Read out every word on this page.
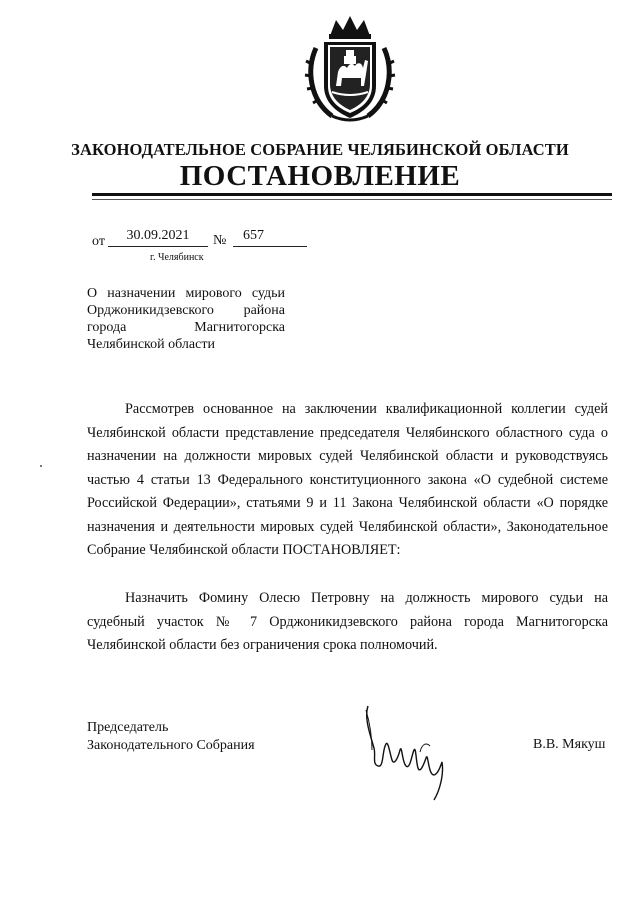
ЗАКОНОДАТЕЛЬНОЕ СОБРАНИЕ ЧЕЛЯБИНСКОЙ ОБЛАСТИ
ПОСТАНОВЛЕНИЕ
от	30.09.2021	№	657
г. Челябинск
О назначении мирового судьи Орджоникидзевского района города Магнитогорска Челябинской области
Рассмотрев основанное на заключении квалификационной коллегии судей Челябинской области представление председателя Челябинского областного суда о назначении на должности мировых судей Челябинской области и руководствуясь частью 4 статьи 13 Федерального конституционного закона «О судебной системе Российской Федерации», статьями 9 и 11 Закона Челябинской области «О порядке назначения и деятельности мировых судей Челябинской области», Законодательное Собрание Челябинской области ПОСТАНОВЛЯЕТ:
Назначить Фомину Олесю Петровну на должность мирового судьи на судебный участок № 7 Орджоникидзевского района города Магнитогорска Челябинской области без ограничения срока полномочий.
Председатель
Законодательного Собрания	В.В. Мякуш
